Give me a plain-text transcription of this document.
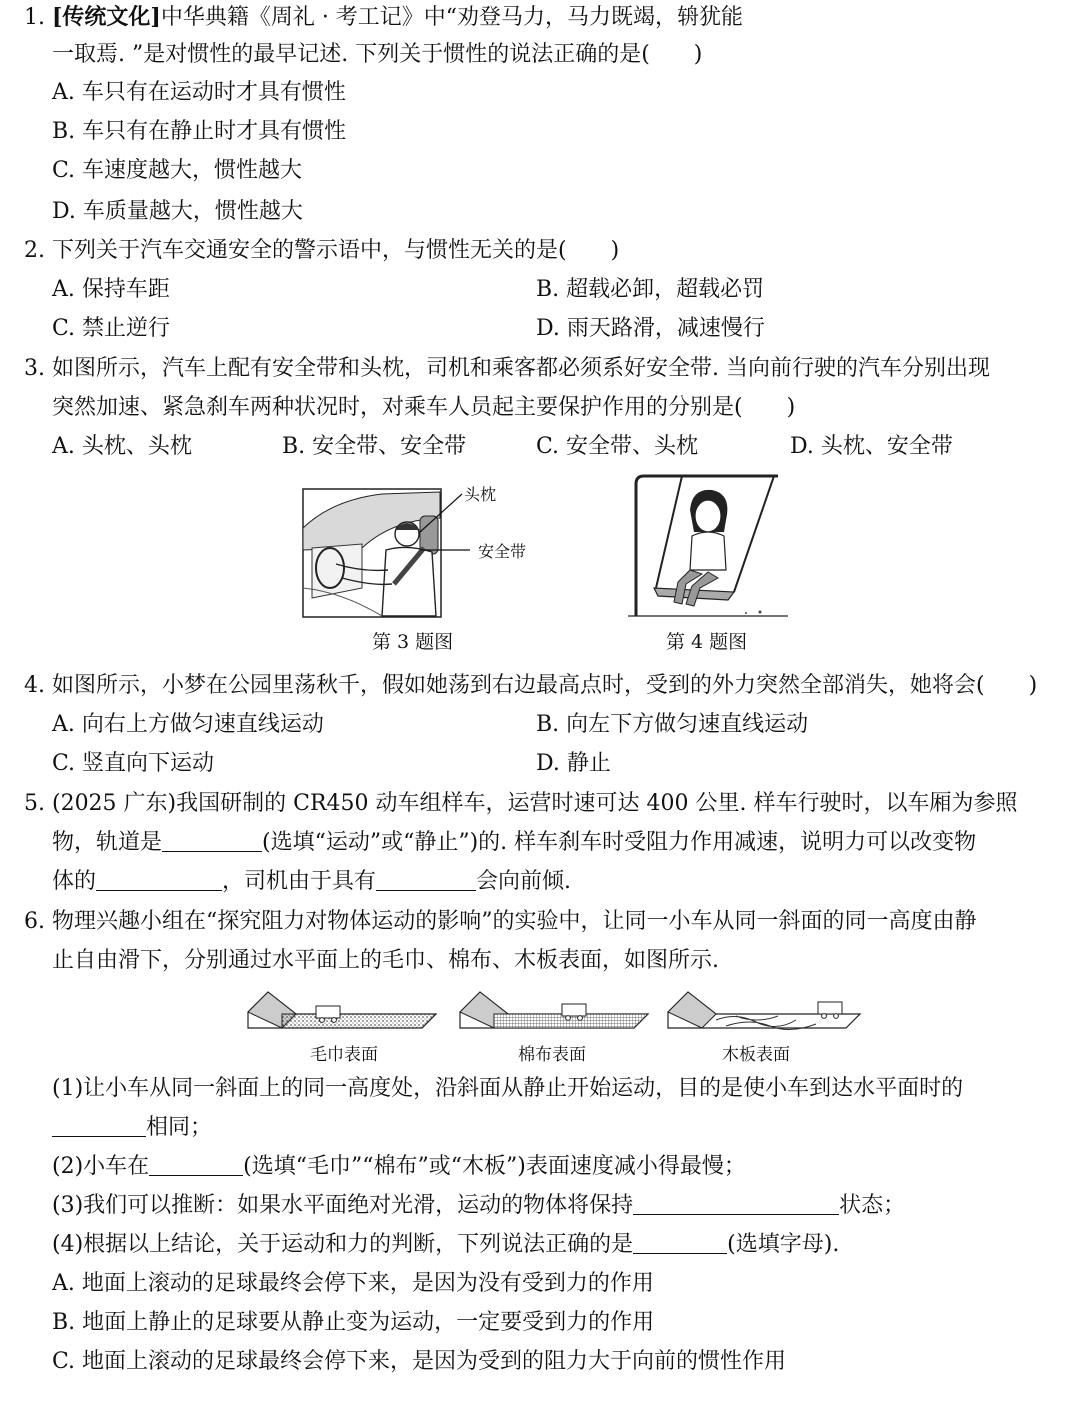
1. [传统文化]中华典籍《周礼 · 考工记》中“劝登马力，马力既竭，辀犹能
一取焉. ”是对惯性的最早记述. 下列关于惯性的说法正确的是(　　)
A. 车只有在运动时才具有惯性
B. 车只有在静止时才具有惯性
C. 车速度越大，惯性越大
D. 车质量越大，惯性越大
2. 下列关于汽车交通安全的警示语中，与惯性无关的是(　　)
A. 保持车距	B. 超载必卸，超载必罚
C. 禁止逆行	D. 雨天路滑，减速慢行
3. 如图所示，汽车上配有安全带和头枕，司机和乘客都必须系好安全带. 当向前行驶的汽车分别出现
突然加速、紧急刹车两种状况时，对乘车人员起主要保护作用的分别是(　　)
A. 头枕、头枕	B. 安全带、安全带	C. 安全带、头枕	D. 头枕、安全带
头枕
安全带
第 3 题图	第 4 题图
4. 如图所示，小梦在公园里荡秋千，假如她荡到右边最高点时，受到的外力突然全部消失，她将会(　　)
A. 向右上方做匀速直线运动	B. 向左下方做匀速直线运动
C. 竖直向下运动	D. 静止
5. (2025 广东)我国研制的 CR450 动车组样车，运营时速可达 400 公里. 样车行驶时，以车厢为参照
物，轨道是	(选填“运动”或“静止”)的. 样车刹车时受阻力作用减速，说明力可以改变物
体的	，司机由于具有	会向前倾.
6. 物理兴趣小组在“探究阻力对物体运动的影响”的实验中，让同一小车从同一斜面的同一高度由静
止自由滑下，分别通过水平面上的毛巾、棉布、木板表面，如图所示.
毛巾表面	棉布表面	木板表面
(1)让小车从同一斜面上的同一高度处，沿斜面从静止开始运动，目的是使小车到达水平面时的
相同；
(2)小车在	(选填“毛巾”“棉布”或“木板”)表面速度减小得最慢；
(3)我们可以推断：如果水平面绝对光滑，运动的物体将保持	状态；
(4)根据以上结论，关于运动和力的判断，下列说法正确的是	(选填字母).
A. 地面上滚动的足球最终会停下来，是因为没有受到力的作用
B. 地面上静止的足球要从静止变为运动，一定要受到力的作用
C. 地面上滚动的足球最终会停下来，是因为受到的阻力大于向前的惯性作用
